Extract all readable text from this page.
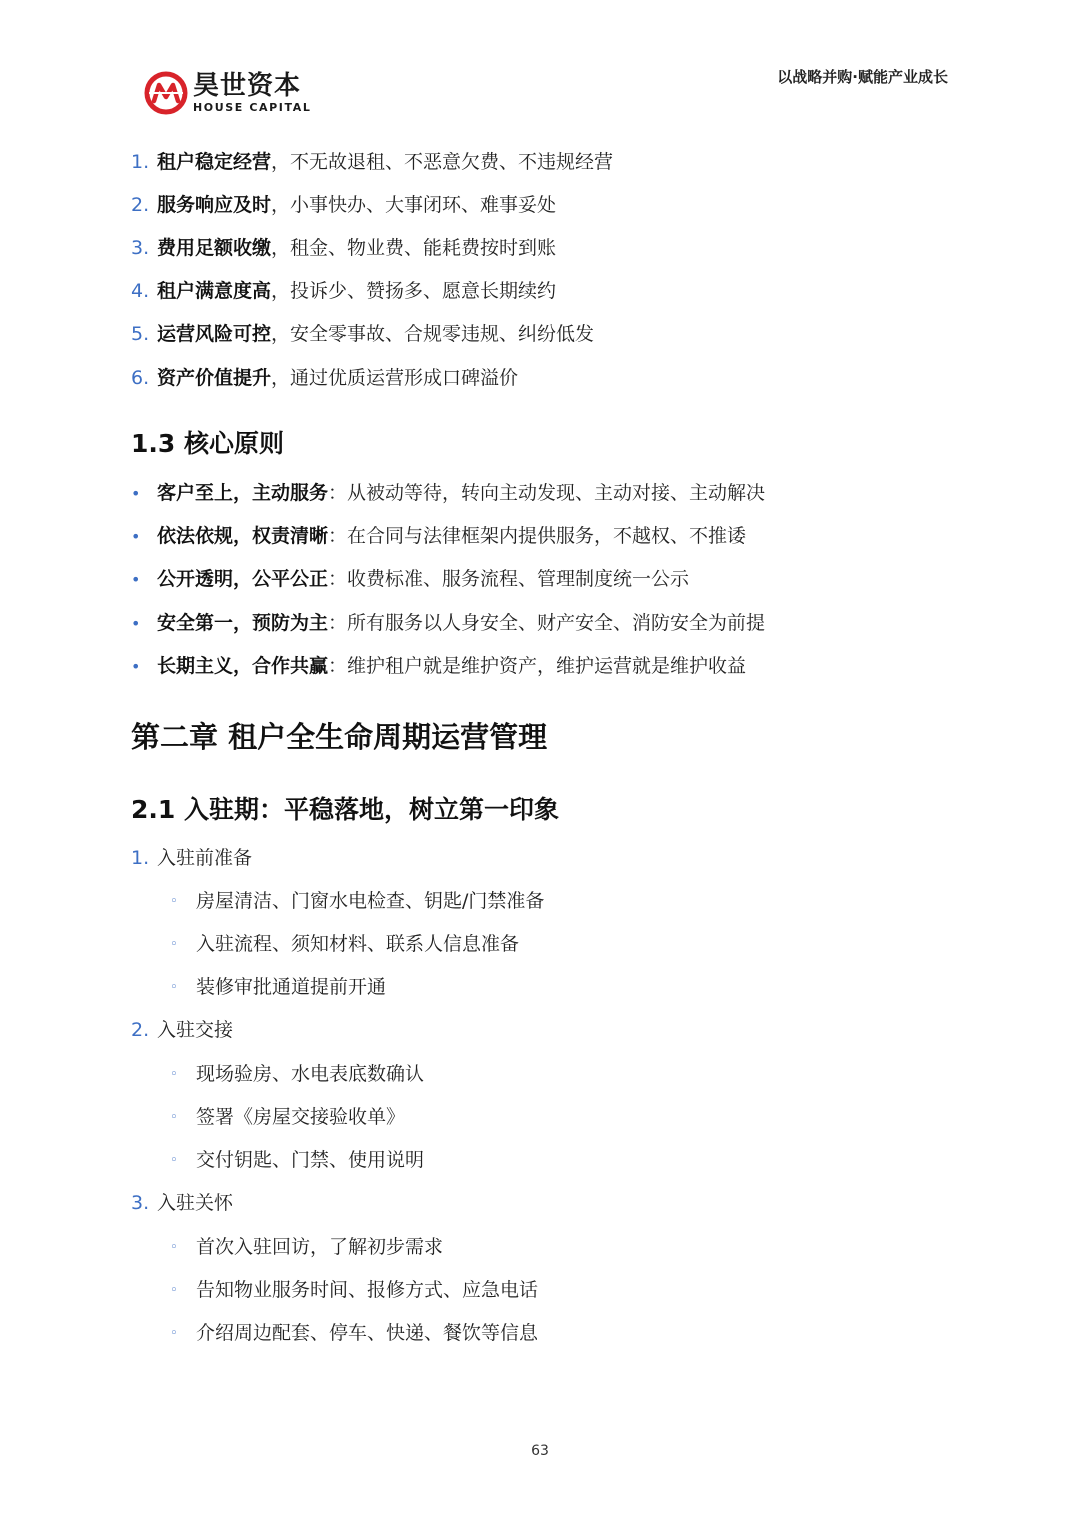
昊世资本
HOUSE CAPITAL
以战略并购·赋能产业成长
1. 租户稳定经营，不无故退租、不恶意欠费、不违规经营
2. 服务响应及时，小事快办、大事闭环、难事妥处
3. 费用足额收缴，租金、物业费、能耗费按时到账
4. 租户满意度高，投诉少、赞扬多、愿意长期续约
5. 运营风险可控，安全零事故、合规零违规、纠纷低发
6. 资产价值提升，通过优质运营形成口碑溢价
1.3 核心原则
• 客户至上，主动服务：从被动等待，转向主动发现、主动对接、主动解决
• 依法依规，权责清晰：在合同与法律框架内提供服务，不越权、不推诿
• 公开透明，公平公正：收费标准、服务流程、管理制度统一公示
• 安全第一，预防为主：所有服务以人身安全、财产安全、消防安全为前提
• 长期主义，合作共赢：维护租户就是维护资产，维护运营就是维护收益
第二章 租户全生命周期运营管理
2.1 入驻期：平稳落地，树立第一印象
1. 入驻前准备
◦ 房屋清洁、门窗水电检查、钥匙/门禁准备
◦ 入驻流程、须知材料、联系人信息准备
◦ 装修审批通道提前开通
2. 入驻交接
◦ 现场验房、水电表底数确认
◦ 签署《房屋交接验收单》
◦ 交付钥匙、门禁、使用说明
3. 入驻关怀
◦ 首次入驻回访，了解初步需求
◦ 告知物业服务时间、报修方式、应急电话
◦ 介绍周边配套、停车、快递、餐饮等信息
63
